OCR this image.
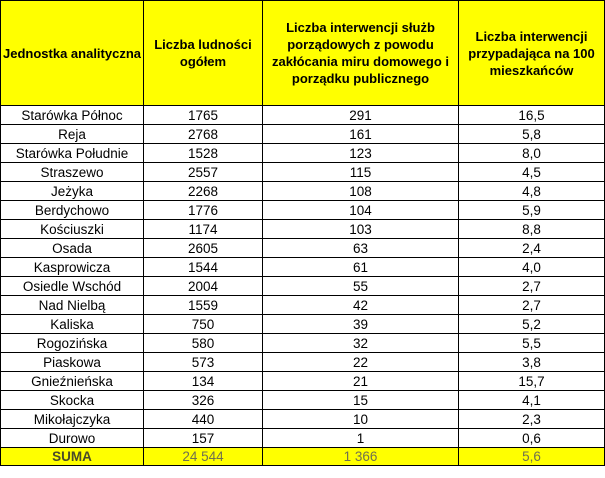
Jednostka analityczna	Liczba ludności ogółem	Liczba interwencji służb porządowych z powodu zakłócania miru domowego i porządku publicznego	Liczba interwencji przypadająca na 100 mieszkańców
Starówka Północ	1765	291	16,5
Reja	2768	161	5,8
Starówka Południe	1528	123	8,0
Straszewo	2557	115	4,5
Jeżyka	2268	108	4,8
Berdychowo	1776	104	5,9
Kościuszki	1174	103	8,8
Osada	2605	63	2,4
Kasprowicza	1544	61	4,0
Osiedle Wschód	2004	55	2,7
Nad Nielbą	1559	42	2,7
Kaliska	750	39	5,2
Rogozińska	580	32	5,5
Piaskowa	573	22	3,8
Gnieźnieńska	134	21	15,7
Skocka	326	15	4,1
Mikołajczyka	440	10	2,3
Durowo	157	1	0,6
SUMA	24 544	1 366	5,6
